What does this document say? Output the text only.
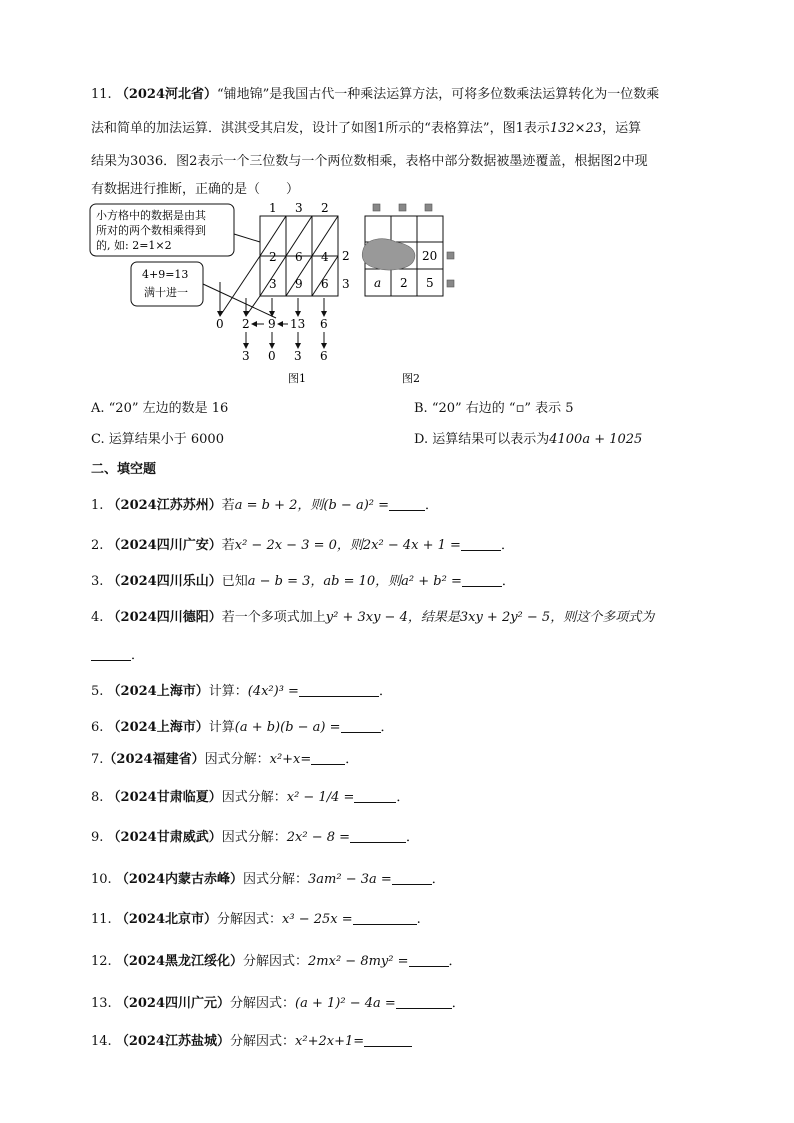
11. （2024河北省）“铺地锦”是我国古代一种乘法运算方法，可将多位数乘法运算转化为一位数乘
法和简单的加法运算．淇淇受其启发，设计了如图1所示的“表格算法”，图1表示132×23，运算
结果为3036．图2表示一个三位数与一个两位数相乘，表格中部分数据被墨迹覆盖，根据图2中现
有数据进行推断，正确的是（　　）
小方格中的数据是由其
所对的两个数相乘得到
的, 如: 2=1×2
4+9=13
满十进一
1 3 2
2
3
2 6 4
3 9 6
0 2 9 13 6
3 0 3 6
图1
20
a 2 5
图2
A. “20” 左边的数是 16	B. “20” 右边的 “▫” 表示 5
C. 运算结果小于 6000	D. 运算结果可以表示为4100a + 1025
二、填空题
1. （2024江苏苏州）若a = b + 2，则(b − a)² =	．
2. （2024四川广安）若x² − 2x − 3 = 0，则2x² − 4x + 1 =	．
3. （2024四川乐山）已知a − b = 3，ab = 10，则a² + b² =	．
4. （2024四川德阳）若一个多项式加上y² + 3xy − 4，结果是3xy + 2y² − 5，则这个多项式为
．
5. （2024上海市）计算：(4x²)³ =	．
6. （2024上海市）计算(a + b)(b − a) =	．
7.（2024福建省）因式分解：x²+x=	．
8. （2024甘肃临夏）因式分解：x² − 1/4 =	．
9. （2024甘肃威武）因式分解：2x² − 8 =	．
10. （2024内蒙古赤峰）因式分解：3am² − 3a =	．
11. （2024北京市）分解因式：x³ − 25x =	.
12. （2024黑龙江绥化）分解因式：2mx² − 8my² =	．
13. （2024四川广元）分解因式：(a + 1)² − 4a =	．
14. （2024江苏盐城）分解因式：x²+2x+1=
